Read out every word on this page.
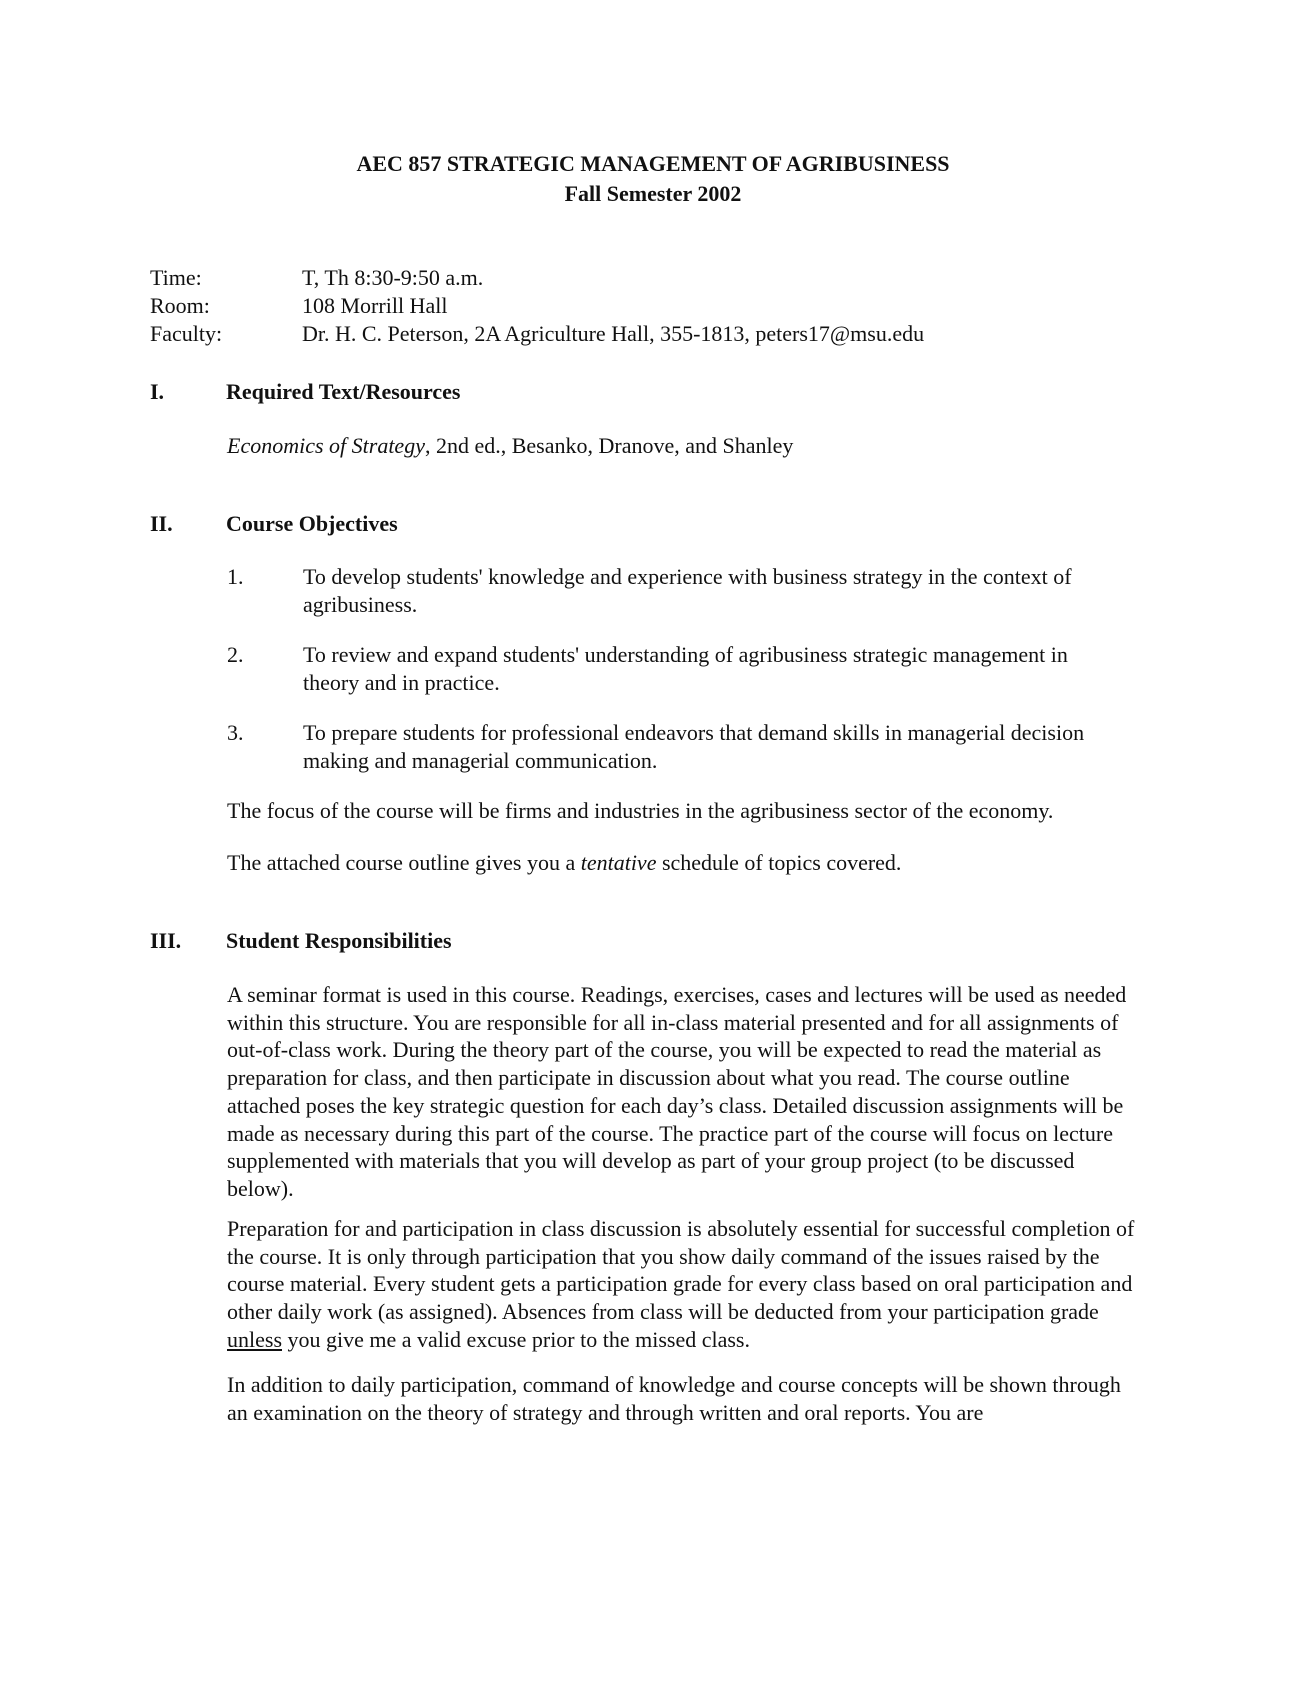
AEC 857 STRATEGIC MANAGEMENT OF AGRIBUSINESS
Fall Semester 2002
Time:	T, Th 8:30-9:50 a.m.
Room:	108 Morrill Hall
Faculty:	Dr. H. C. Peterson, 2A Agriculture Hall, 355-1813, peters17@msu.edu
I.	Required Text/Resources

Economics of Strategy, 2nd ed., Besanko, Dranove, and Shanley

II.	Course Objectives
1.	To develop students' knowledge and experience with business strategy in the context of agribusiness.
2.	To review and expand students' understanding of agribusiness strategic management in theory and in practice.
3.	To prepare students for professional endeavors that demand skills in managerial decision making and managerial communication.

The focus of the course will be firms and industries in the agribusiness sector of the economy.

The attached course outline gives you a tentative schedule of topics covered.

III.	Student Responsibilities

A seminar format is used in this course. Readings, exercises, cases and lectures will be used as needed within this structure. You are responsible for all in-class material presented and for all assignments of out-of-class work. During the theory part of the course, you will be expected to read the material as preparation for class, and then participate in discussion about what you read. The course outline attached poses the key strategic question for each day’s class. Detailed discussion assignments will be made as necessary during this part of the course. The practice part of the course will focus on lecture supplemented with materials that you will develop as part of your group project (to be discussed below).

Preparation for and participation in class discussion is absolutely essential for successful completion of the course. It is only through participation that you show daily command of the issues raised by the course material. Every student gets a participation grade for every class based on oral participation and other daily work (as assigned). Absences from class will be deducted from your participation grade unless you give me a valid excuse prior to the missed class.

In addition to daily participation, command of knowledge and course concepts will be shown through an examination on the theory of strategy and through written and oral reports. You are
